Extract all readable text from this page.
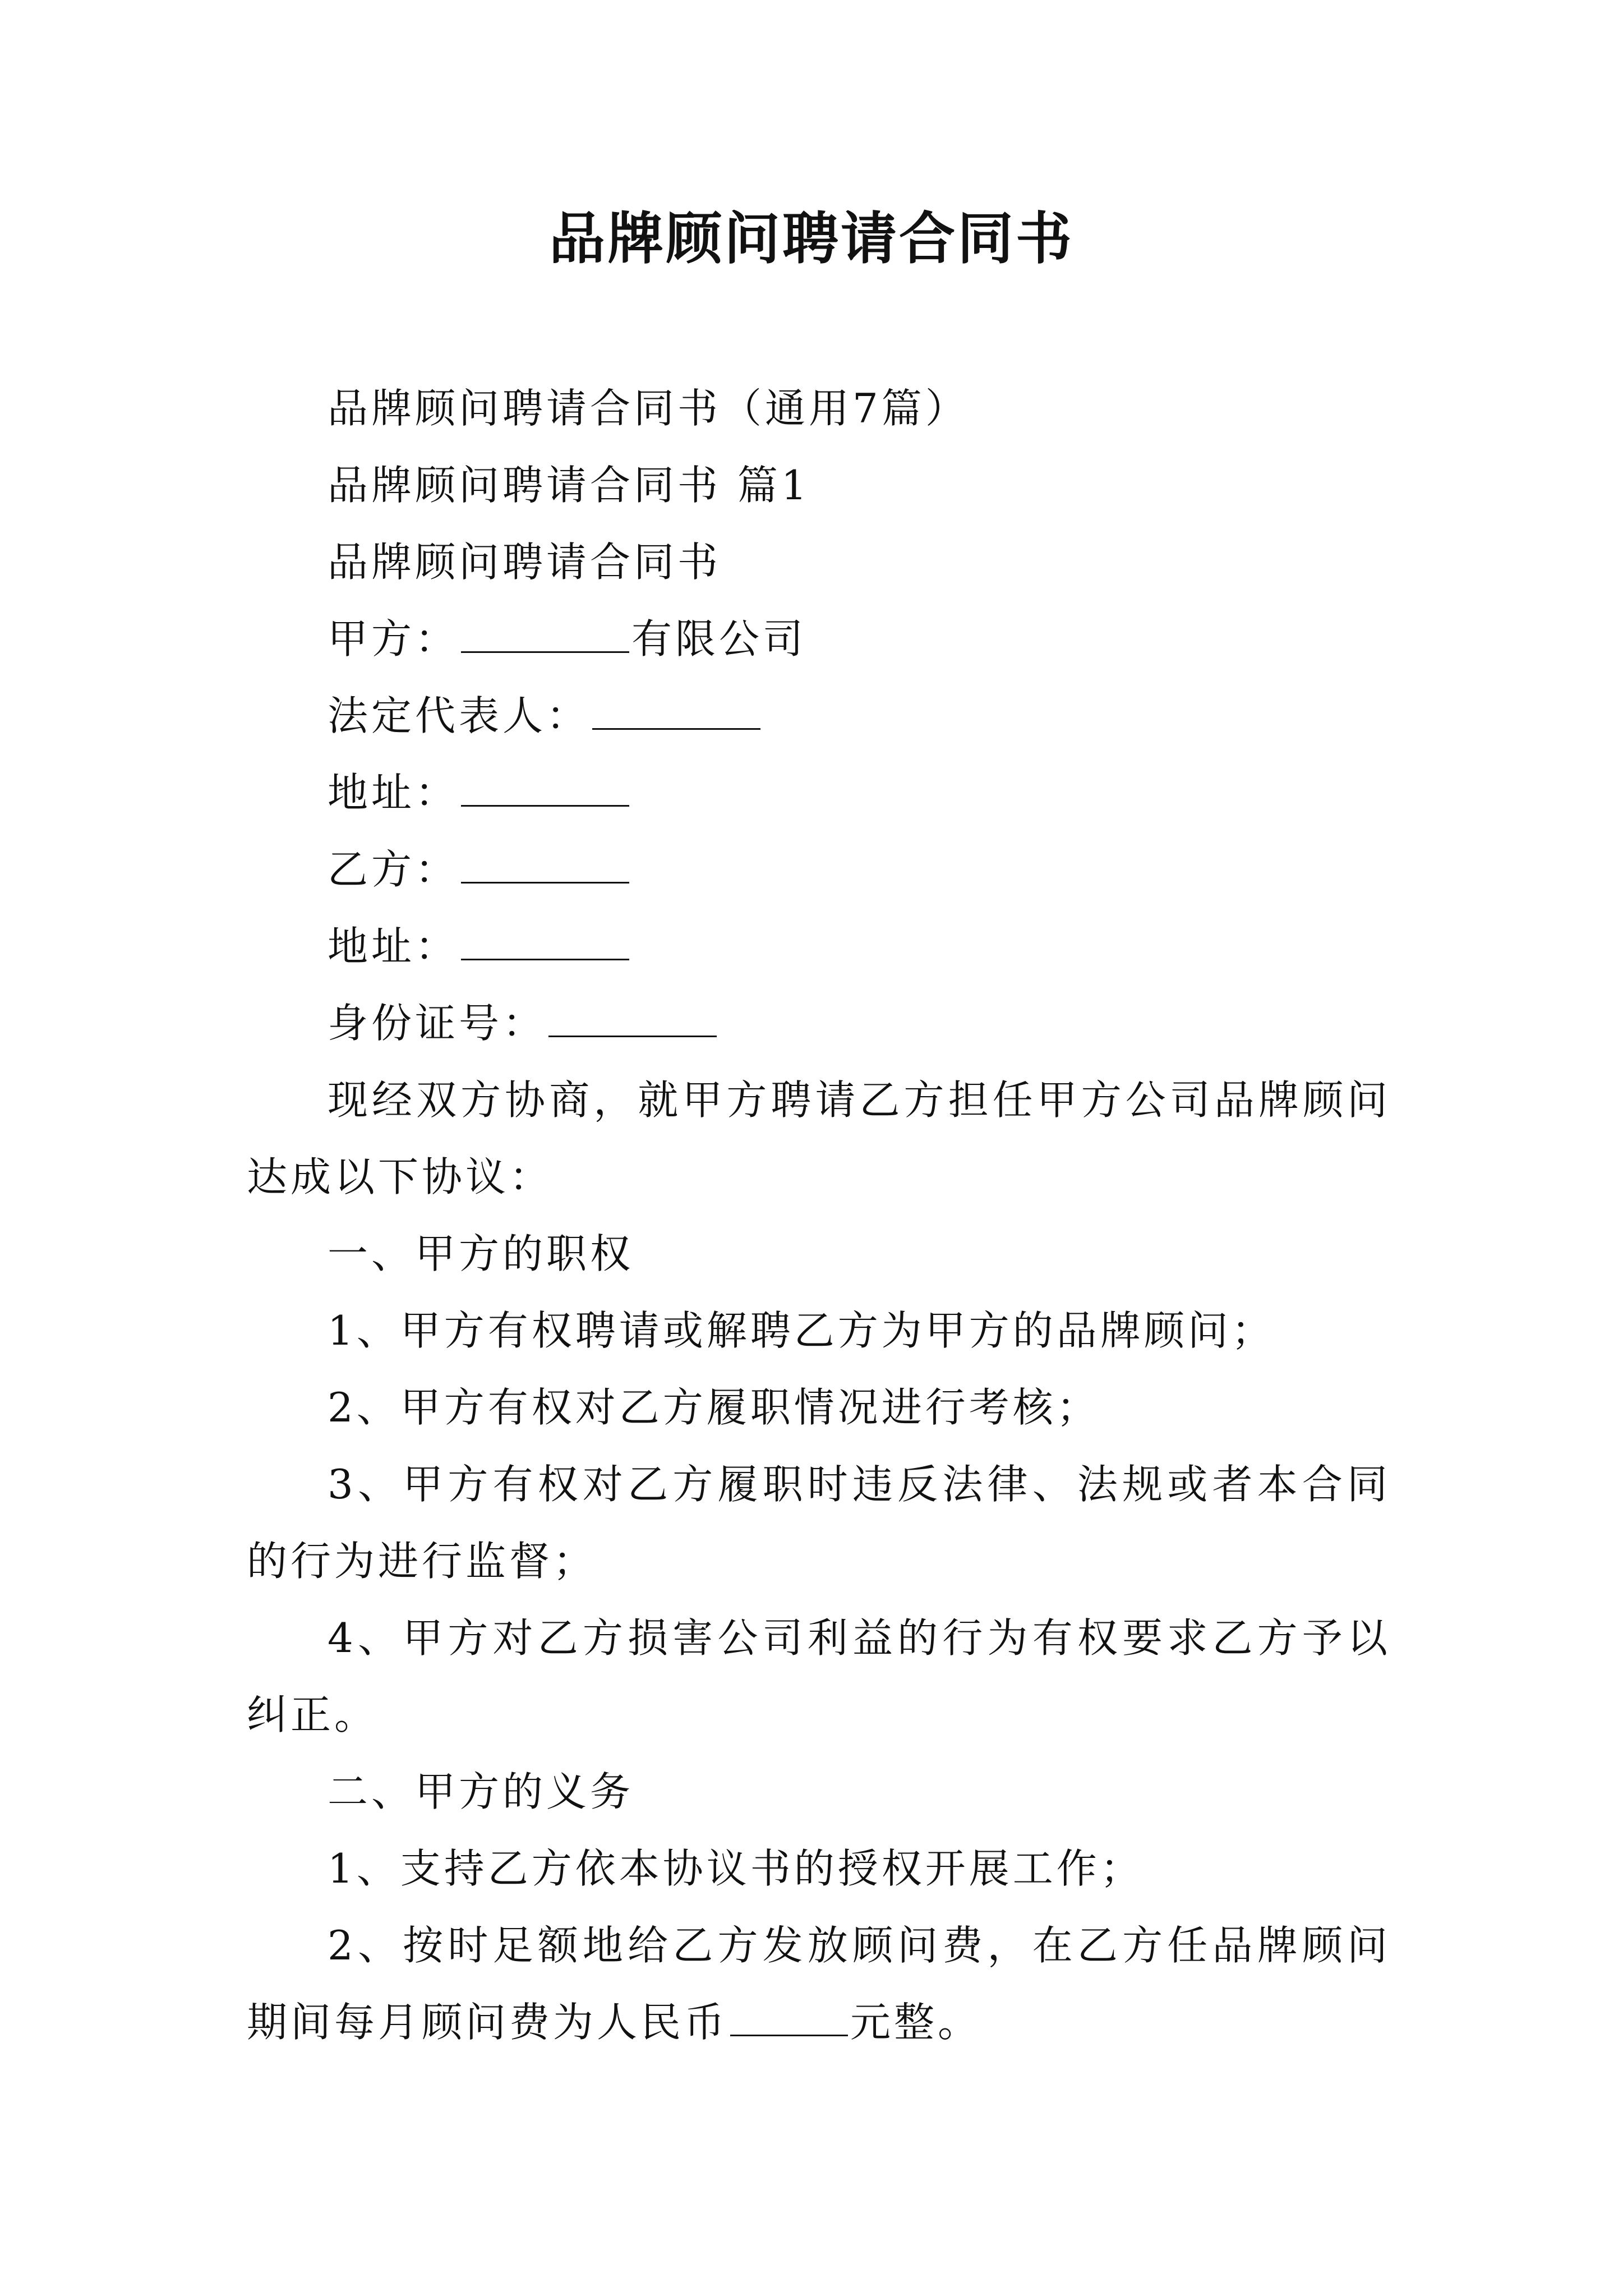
品牌顾问聘请合同书

品牌顾问聘请合同书（通用7篇）

品牌顾问聘请合同书 篇1

品牌顾问聘请合同书

甲方：	有限公司

法定代表人：

地址：

乙方：

地址：

身份证号：

现经双方协商，就甲方聘请乙方担任甲方公司品牌顾问达成以下协议：

一、甲方的职权

1、甲方有权聘请或解聘乙方为甲方的品牌顾问；

2、甲方有权对乙方履职情况进行考核；

3、甲方有权对乙方履职时违反法律、法规或者本合同的行为进行监督；

4、甲方对乙方损害公司利益的行为有权要求乙方予以纠正。

二、甲方的义务

1、支持乙方依本协议书的授权开展工作；

2、按时足额地给乙方发放顾问费，在乙方任品牌顾问期间每月顾问费为人民币	元整。
